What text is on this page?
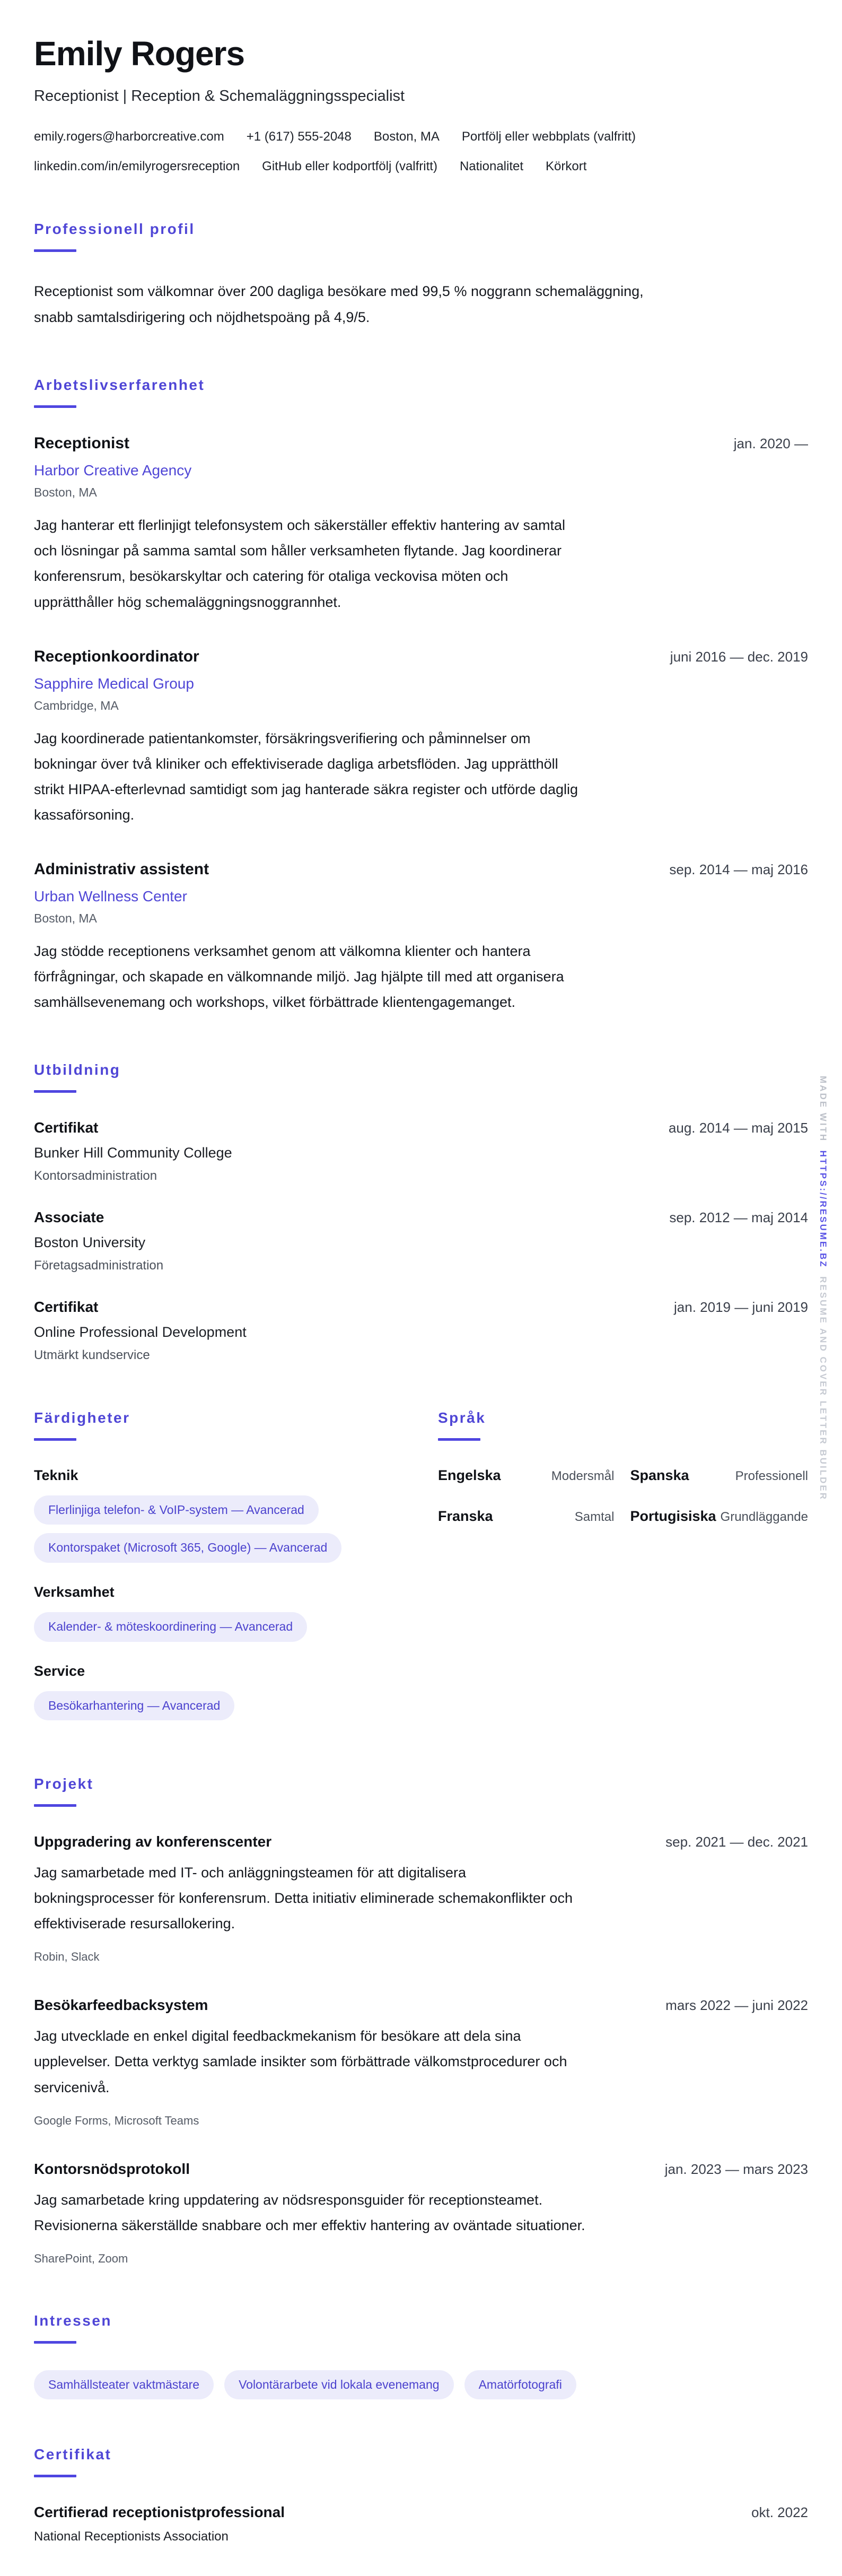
Emily Rogers
Receptionist | Reception & Schemaläggningsspecialist
emily.rogers@harborcreative.com +1 (617) 555-2048 Boston, MA Portfölj eller webbplats (valfritt)
linkedin.com/in/emilyrogersreception GitHub eller kodportfölj (valfritt) Nationalitet Körkort
Professionell profil

Receptionist som välkomnar över 200 dagliga besökare med 99,5 % noggrann schemaläggning, snabb samtalsdirigering och nöjdhetspoäng på 4,9/5.

Arbetslivserfarenhet
Receptionist	jan. 2020 —
Harbor Creative Agency
Boston, MA
Jag hanterar ett flerlinjigt telefonsystem och säkerställer effektiv hantering av samtal och lösningar på samma samtal som håller verksamheten flytande. Jag koordinerar konferensrum, besökarskyltar och catering för otaliga veckovisa möten och upprätthåller hög schemaläggningsnoggrannhet.
Receptionkoordinator	juni 2016 — dec. 2019
Sapphire Medical Group
Cambridge, MA
Jag koordinerade patientankomster, försäkringsverifiering och påminnelser om bokningar över två kliniker och effektiviserade dagliga arbetsflöden. Jag upprätthöll strikt HIPAA-efterlevnad samtidigt som jag hanterade säkra register och utförde daglig kassaförsoning.
Administrativ assistent	sep. 2014 — maj 2016
Urban Wellness Center
Boston, MA
Jag stödde receptionens verksamhet genom att välkomna klienter och hantera förfrågningar, och skapade en välkomnande miljö. Jag hjälpte till med att organisera samhällsevenemang och workshops, vilket förbättrade klientengagemanget.
Utbildning
Certifikat	aug. 2014 — maj 2015
Bunker Hill Community College
Kontorsadministration
Associate	sep. 2012 — maj 2014
Boston University
Företagsadministration
Certifikat	jan. 2019 — juni 2019
Online Professional Development
Utmärkt kundservice
Färdigheter
Teknik
Flerlinjiga telefon- & VoIP-system — Avancerad
Kontorspaket (Microsoft 365, Google) — Avancerad
Verksamhet
Kalender- & möteskoordinering — Avancerad
Service
Besökarhantering — Avancerad
Språk
Engelska	Modersmål Spanska	Professionell
Franska	Samtal Portugisiska Grundläggande
Projekt
Uppgradering av konferenscenter	sep. 2021 — dec. 2021
Jag samarbetade med IT- och anläggningsteamen för att digitalisera bokningsprocesser för konferensrum. Detta initiativ eliminerade schemakonflikter och effektiviserade resursallokering.
Robin, Slack
Besökarfeedbacksystem	mars 2022 — juni 2022
Jag utvecklade en enkel digital feedbackmekanism för besökare att dela sina upplevelser. Detta verktyg samlade insikter som förbättrade välkomstprocedurer och servicenivå.
Google Forms, Microsoft Teams
Kontorsnödsprotokoll	jan. 2023 — mars 2023
Jag samarbetade kring uppdatering av nödsresponsguider för receptionsteamet. Revisionerna säkerställde snabbare och mer effektiv hantering av oväntade situationer.
SharePoint, Zoom
Intressen
Samhällsteater vaktmästare	Volontärarbete vid lokala evenemang	Amatörfotografi
Certifikat
Certifierad receptionistprofessional	okt. 2022
National Receptionists Association
MADE WITH  HTTPS://RESUME.BZ  RESUME AND COVER LETTER BUILDER
